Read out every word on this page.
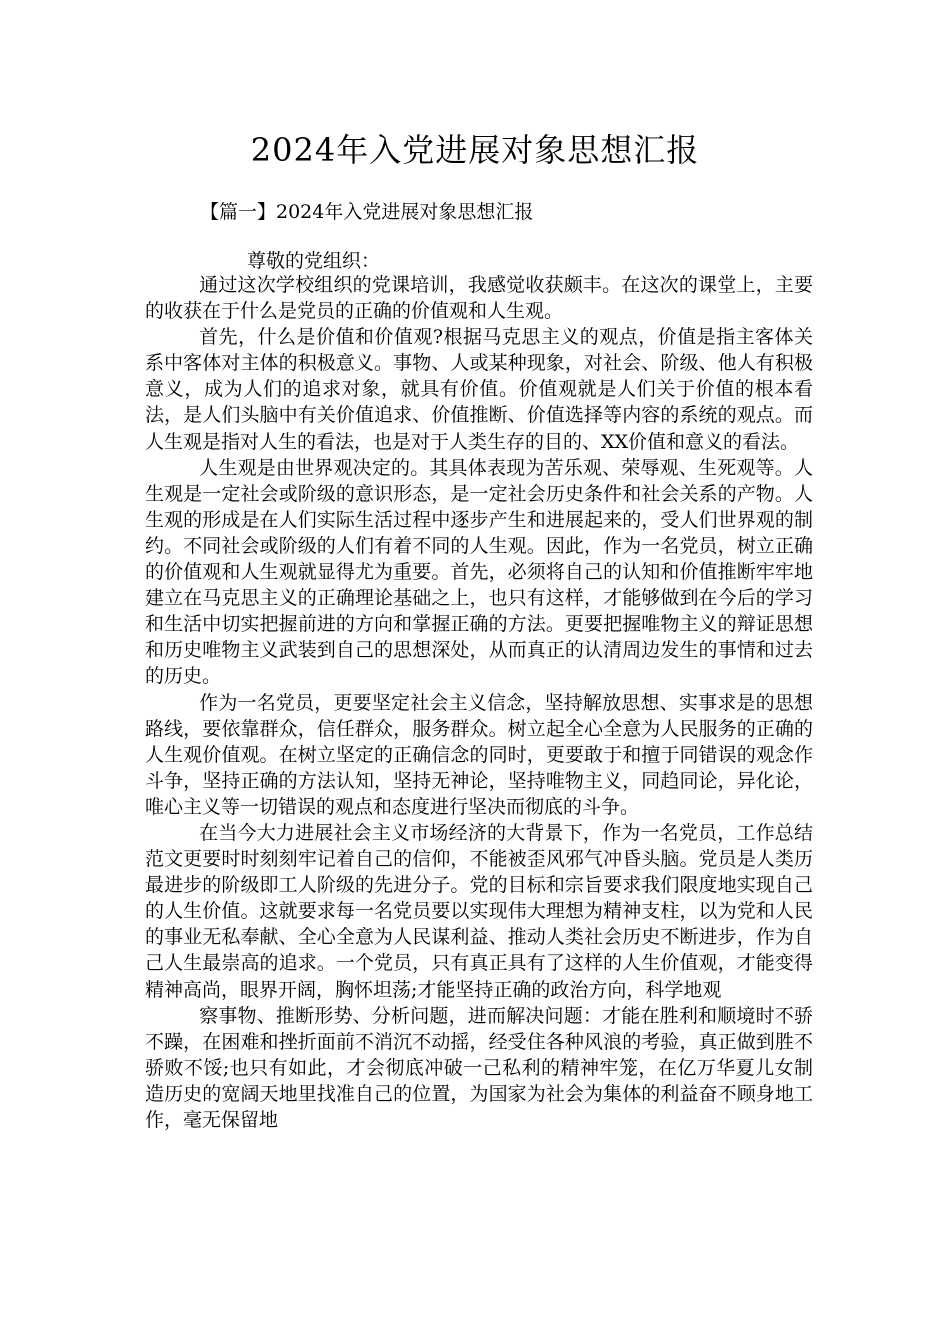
2024年入党进展对象思想汇报
【篇一】2024年入党进展对象思想汇报
尊敬的党组织：

通过这次学校组织的党课培训，我感觉收获颇丰。在这次的课堂上，主要的收获在于什么是党员的正确的价值观和人生观。

首先，什么是价值和价值观?根据马克思主义的观点，价值是指主客体关系中客体对主体的积极意义。事物、人或某种现象，对社会、阶级、他人有积极意义，成为人们的追求对象，就具有价值。价值观就是人们关于价值的根本看法，是人们头脑中有关价值追求、价值推断、价值选择等内容的系统的观点。而人生观是指对人生的看法，也是对于人类生存的目的、XX价值和意义的看法。

人生观是由世界观决定的。其具体表现为苦乐观、荣辱观、生死观等。人生观是一定社会或阶级的意识形态，是一定社会历史条件和社会关系的产物。人生观的形成是在人们实际生活过程中逐步产生和进展起来的，受人们世界观的制约。不同社会或阶级的人们有着不同的人生观。因此，作为一名党员，树立正确的价值观和人生观就显得尤为重要。首先，必须将自己的认知和价值推断牢牢地建立在马克思主义的正确理论基础之上，也只有这样，才能够做到在今后的学习和生活中切实把握前进的方向和掌握正确的方法。更要把握唯物主义的辩证思想和历史唯物主义武装到自己的思想深处，从而真正的认清周边发生的事情和过去的历史。

作为一名党员，更要坚定社会主义信念，坚持解放思想、实事求是的思想路线，要依靠群众，信任群众，服务群众。树立起全心全意为人民服务的正确的人生观价值观。在树立坚定的正确信念的同时，更要敢于和擅于同错误的观念作斗争，坚持正确的方法认知，坚持无神论，坚持唯物主义，同趋同论，异化论，唯心主义等一切错误的观点和态度进行坚决而彻底的斗争。

在当今大力进展社会主义市场经济的大背景下，作为一名党员，工作总结范文更要时时刻刻牢记着自己的信仰，不能被歪风邪气冲昏头脑。党员是人类历最进步的阶级即工人阶级的先进分子。党的目标和宗旨要求我们限度地实现自己的人生价值。这就要求每一名党员要以实现伟大理想为精神支柱，以为党和人民的事业无私奉献、全心全意为人民谋利益、推动人类社会历史不断进步，作为自己人生最崇高的追求。一个党员，只有真正具有了这样的人生价值观，才能变得精神高尚，眼界开阔，胸怀坦荡;才能坚持正确的政治方向，科学地观

察事物、推断形势、分析问题，进而解决问题：才能在胜利和顺境时不骄不躁，在困难和挫折面前不消沉不动摇，经受住各种风浪的考验，真正做到胜不骄败不馁;也只有如此，才会彻底冲破一己私利的精神牢笼，在亿万华夏儿女制造历史的宽阔天地里找准自己的位置，为国家为社会为集体的利益奋不顾身地工作，毫无保留地
